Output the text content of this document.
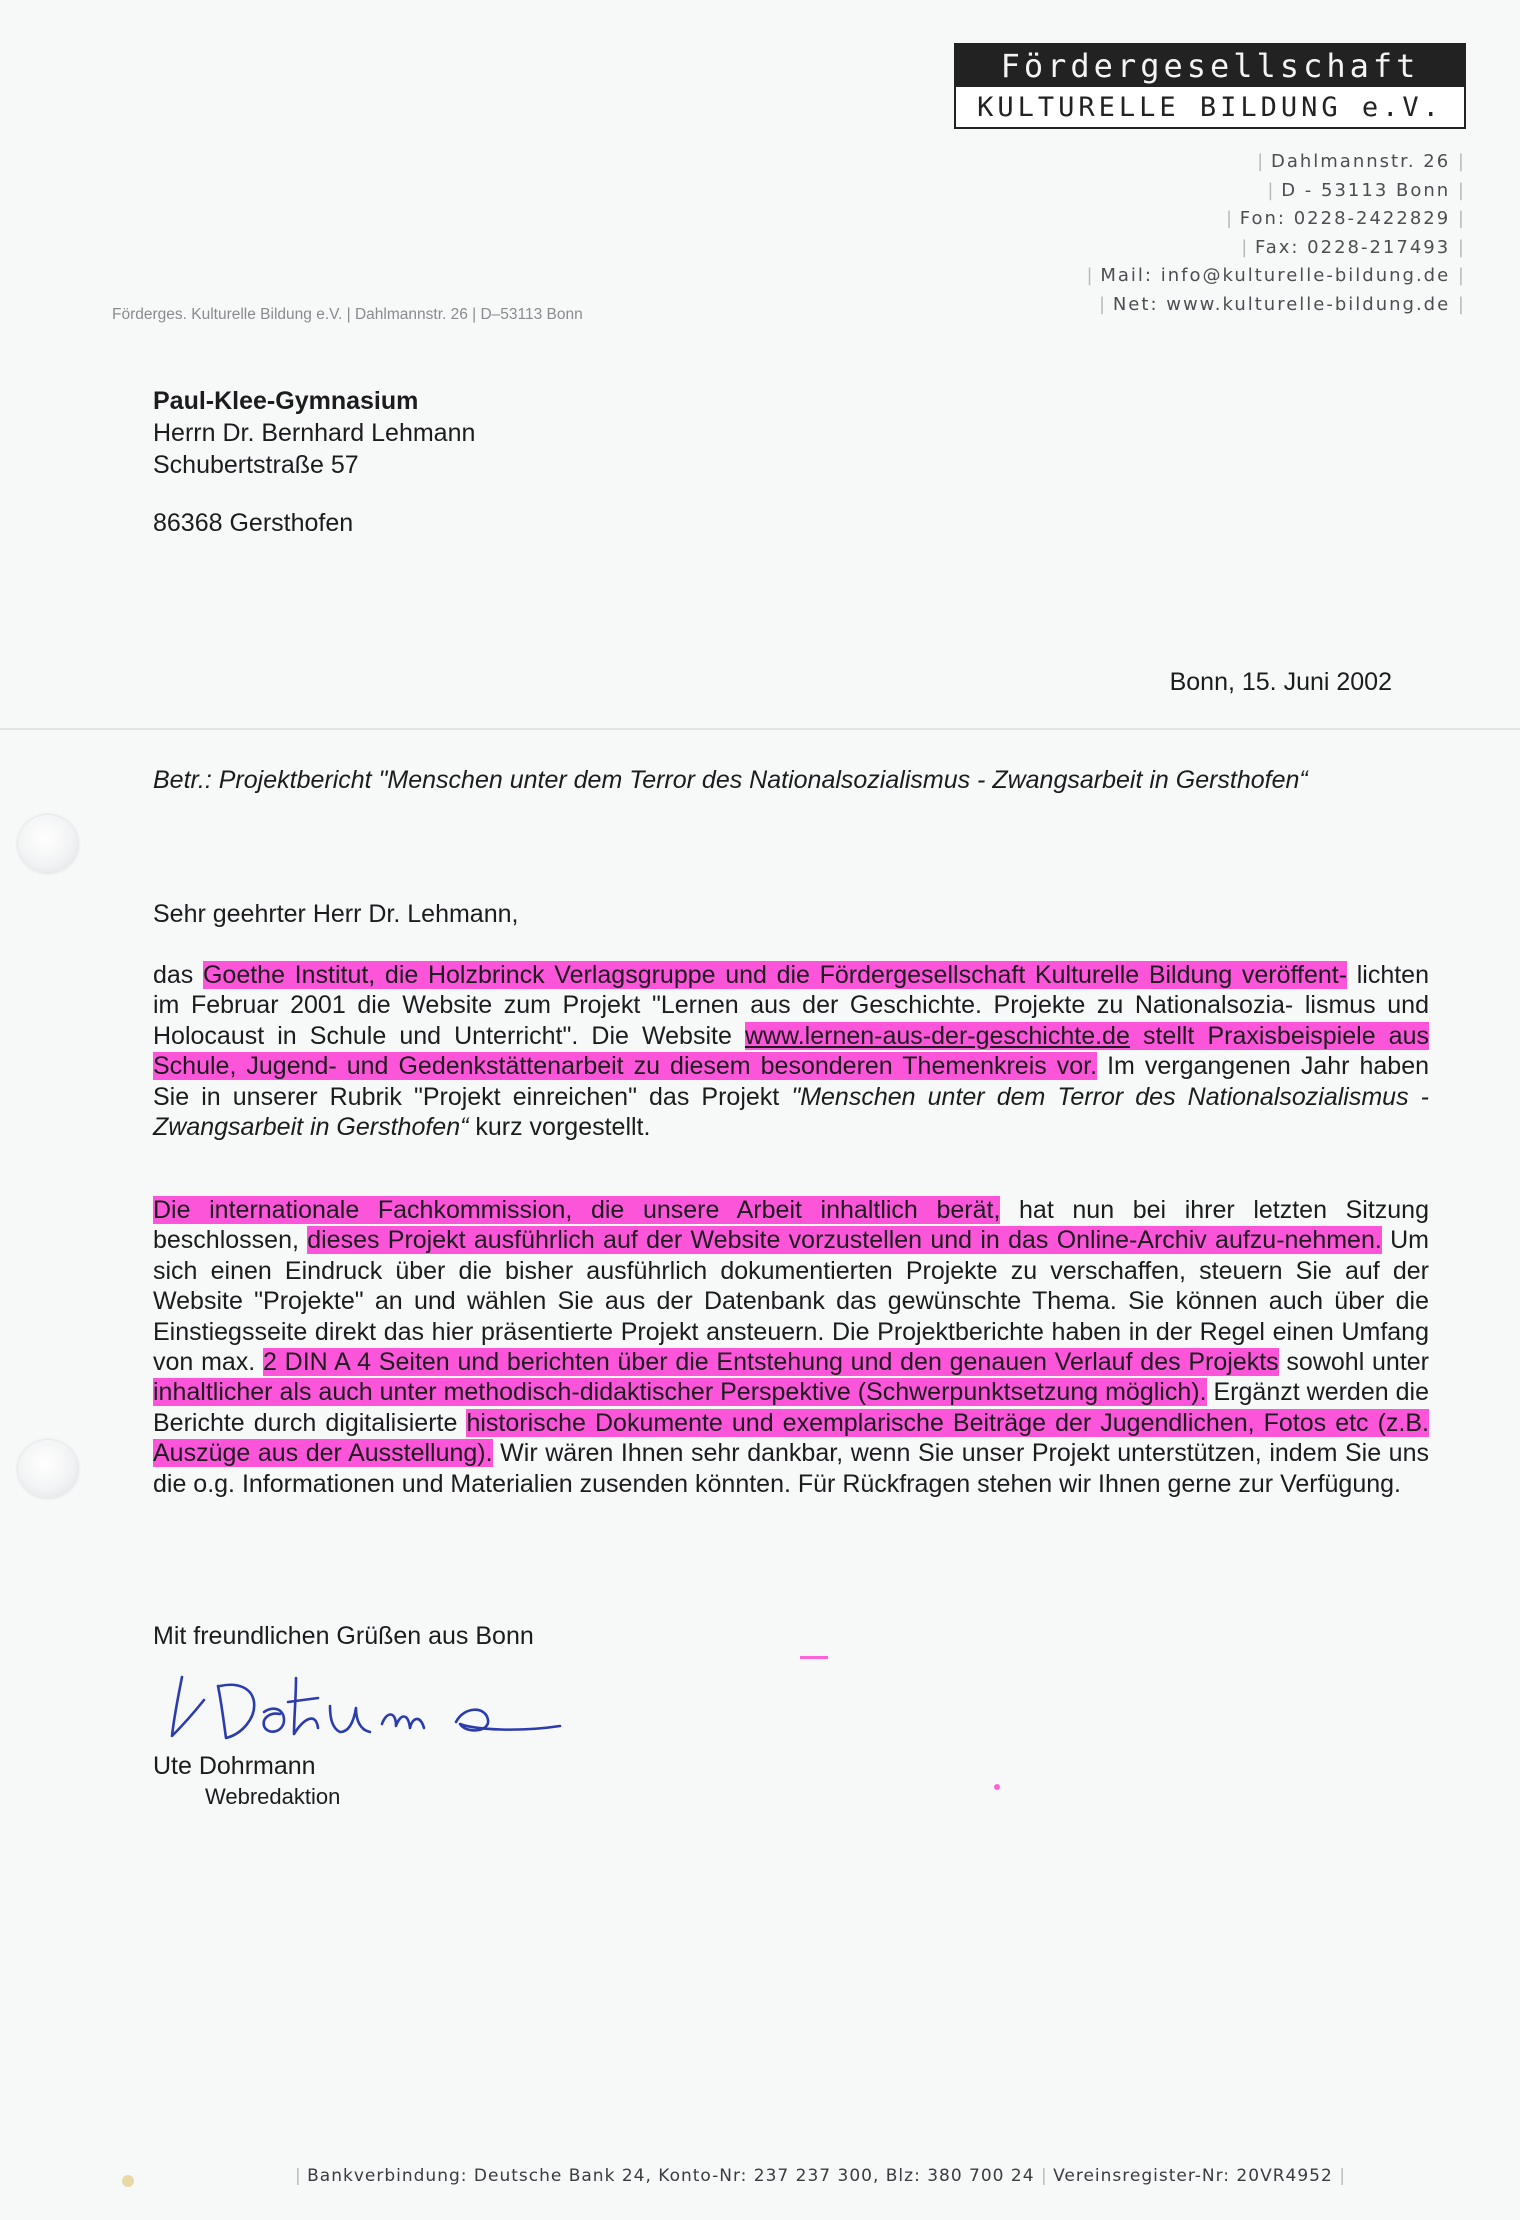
Fördergesellschaft
KULTURELLE BILDUNG e.V.
| Dahlmannstr. 26 |
| D - 53113 Bonn |
| Fon: 0228-2422829 |
| Fax: 0228-217493 |
| Mail: info@kulturelle-bildung.de |
| Net: www.kulturelle-bildung.de |
Förderges. Kulturelle Bildung e.V. | Dahlmannstr. 26 | D–53113 Bonn
Paul-Klee-Gymnasium
Herrn Dr. Bernhard Lehmann
Schubertstraße 57
86368 Gersthofen
Bonn, 15. Juni 2002
Betr.: Projektbericht "Menschen unter dem Terror des Nationalsozialismus - Zwangsarbeit in Gersthofen“
Sehr geehrter Herr Dr. Lehmann,
das Goethe Institut, die Holzbrinck Verlagsgruppe und die Fördergesellschaft Kulturelle Bildung veröffent- lichten im Februar 2001 die Website zum Projekt "Lernen aus der Geschichte. Projekte zu Nationalsozia- lismus und Holocaust in Schule und Unterricht". Die Website www.lernen-aus-der-geschichte.de stellt Praxisbeispiele aus Schule, Jugend- und Gedenkstättenarbeit zu diesem besonderen Themenkreis vor. Im vergangenen Jahr haben Sie in unserer Rubrik "Projekt einreichen" das Projekt "Menschen unter dem Terror des Nationalsozialismus - Zwangsarbeit in Gersthofen“ kurz vorgestellt.
Die internationale Fachkommission, die unsere Arbeit inhaltlich berät, hat nun bei ihrer letzten Sitzung beschlossen, dieses Projekt ausführlich auf der Website vorzustellen und in das Online-Archiv aufzu-nehmen. Um sich einen Eindruck über die bisher ausführlich dokumentierten Projekte zu verschaffen, steuern Sie auf der Website "Projekte" an und wählen Sie aus der Datenbank das gewünschte Thema. Sie können auch über die Einstiegsseite direkt das hier präsentierte Projekt ansteuern. Die Projektberichte haben in der Regel einen Umfang von max. 2 DIN A 4 Seiten und berichten über die Entstehung und den genauen Verlauf des Projekts sowohl unter inhaltlicher als auch unter methodisch-didaktischer Perspektive (Schwerpunktsetzung möglich). Ergänzt werden die Berichte durch digitalisierte historische Dokumente und exemplarische Beiträge der Jugendlichen, Fotos etc (z.B. Auszüge aus der Ausstellung). Wir wären Ihnen sehr dankbar, wenn Sie unser Projekt unterstützen, indem Sie uns die o.g. Informationen und Materialien zusenden könnten. Für Rückfragen stehen wir Ihnen gerne zur Verfügung.
Mit freundlichen Grüßen aus Bonn
Ute Dohrmann
Webredaktion
| Bankverbindung: Deutsche Bank 24, Konto-Nr: 237 237 300, Blz: 380 700 24 | Vereinsregister-Nr: 20VR4952 |
